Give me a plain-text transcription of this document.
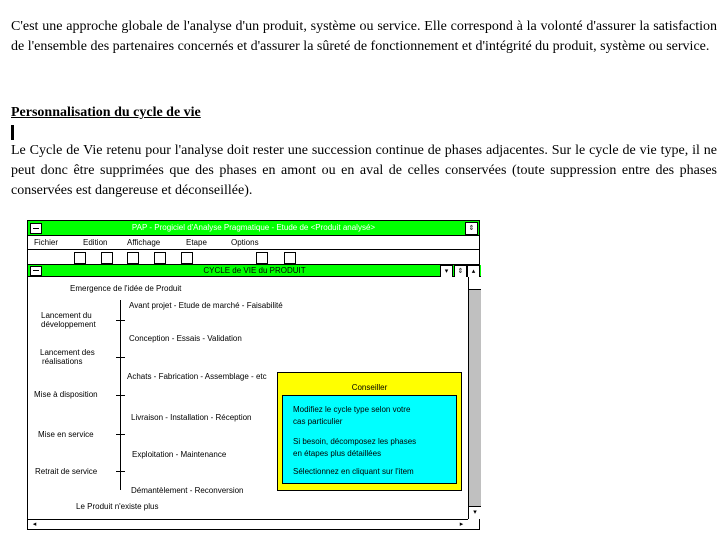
C'est une approche globale de l'analyse d'un produit, système ou service. Elle correspond à la volonté d'assurer la satisfaction de l'ensemble des partenaires concernés et d'assurer la sûreté de fonctionnement et d'intégrité du produit, système ou service.

Personnalisation du cycle de vie

Le Cycle de Vie retenu pour l'analyse doit rester une succession continue de phases adjacentes. Sur le cycle de vie type, il ne peut donc être supprimées que des phases en amont ou en aval de celles conservées (toute suppression entre des phases conservées est dangereuse et déconseillée).

PAP - Progiciel d'Analyse Pragmatique - Etude de <Produit analysé>	⇕
Fichier	Edition Affichage	Etape	Options
CYCLE de VIE du PRODUIT	▾	⇕	▴
Emergence de l'idée de Produit
Lancement du
développement
Lancement des
réalisations
Mise à disposition
Mise en service
Retrait de service
Avant projet - Etude de marché - Faisabilité
Conception - Essais - Validation
Achats - Fabrication - Assemblage - etc
Livraison - Installation - Réception
Exploitation - Maintenance
Démantèlement - Reconversion
Le Produit n'existe plus
Conseiller
Modifiez le cycle type selon votre
cas particulier
Si besoin, décomposez les phases
en étapes plus détaillées
Sélectionnez en cliquant sur l'item
▾
◂	▸
